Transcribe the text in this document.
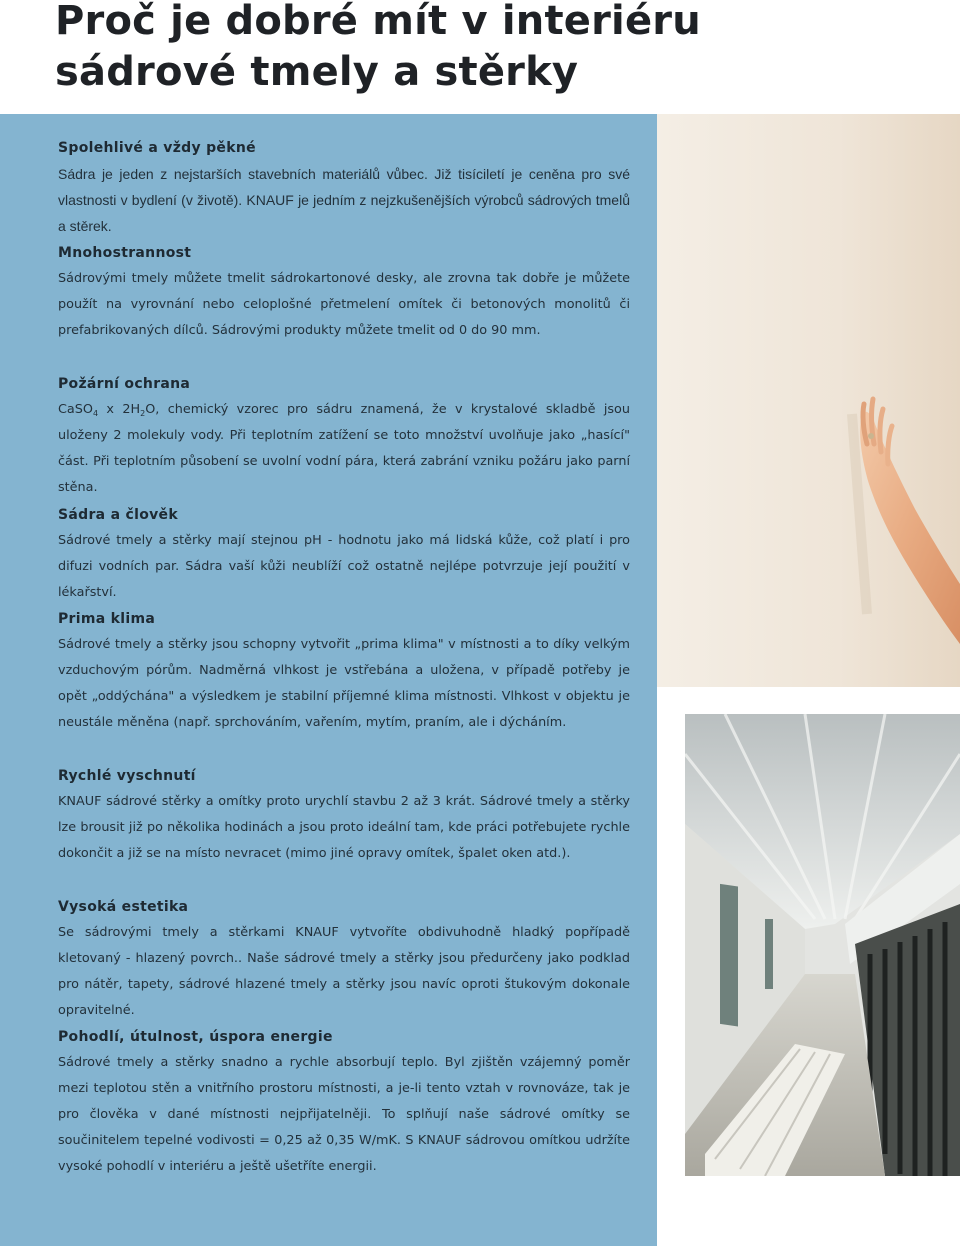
Proč je dobré mít v interiéru
sádrové tmely a stěrky
Spolehlivé a vždy pěkné

Sádra je jeden z nejstarších stavebních materiálů vůbec. Již tisíciletí je ceněna pro své vlastnosti v bydlení (v životě). KNAUF je jedním z nejzkušenějších výrobců sádrových tmelů a stěrek.

Mnohostrannost

Sádrovými tmely můžete tmelit sádrokartonové desky, ale zrovna tak dobře je můžete použít na vyrovnání nebo celoplošné přetmelení omítek či betonových monolitů či prefabrikovaných dílců. Sádrovými produkty můžete tmelit od 0 do 90 mm.

Požární ochrana

CaSO$_4$ x $2H_2O$, chemický vzorec pro sádru znamená, že v krystalové skladbě jsou uloženy 2 molekuly vody. Při teplotním zatížení se toto množství uvolňuje jako „hasící" část. Při teplotním působení se uvolní vodní pára, která zabrání vzniku požáru jako parní stěna.

Sádra a člověk

Sádrové tmely a stěrky mají stejnou pH - hodnotu jako má lidská kůže, což platí i pro difuzi vodních par. Sádra vaší kůži neublíží což ostatně nejlépe potvrzuje její použití v lékařství.

Prima klima

Sádrové tmely a stěrky jsou schopny vytvořit „prima klima" v místnosti a to díky velkým vzduchovým pórům. Nadměrná vlhkost je vstřebána a uložena, v případě potřeby je opět „oddýchána" a výsledkem je stabilní příjemné klima místnosti. Vlhkost v objektu je neustále měněna (např. sprchováním, vařením, mytím, praním, ale i dýcháním.

Rychlé vyschnutí

KNAUF sádrové stěrky a omítky proto urychlí stavbu 2 až 3 krát. Sádrové tmely a stěrky lze brousit již po několika hodinách a jsou proto ideální tam, kde práci potřebujete rychle dokončit a již se na místo nevracet (mimo jiné opravy omítek, špalet oken atd.).

Vysoká estetika

Se sádrovými tmely a stěrkami KNAUF vytvoříte obdivuhodně hladký popřípadě kletovaný - hlazený povrch.. Naše sádrové tmely a stěrky jsou předurčeny jako podklad pro nátěr, tapety, sádrové hlazené tmely a stěrky jsou navíc oproti štukovým dokonale opravitelné.

Pohodlí, útulnost, úspora energie

Sádrové tmely a stěrky snadno a rychle absorbují teplo. Byl zjištěn vzájemný poměr mezi teplotou stěn a vnitřního prostoru místnosti, a je-li tento vztah v rovnováze, tak je pro člověka v dané místnosti nejpřijatelněji. To splňují naše sádrové omítky se součinitelem tepelné vodivosti = 0,25 až 0,35 W/mK. S KNAUF sádrovou omítkou udržíte vysoké pohodlí v interiéru a ještě ušetříte energii.
